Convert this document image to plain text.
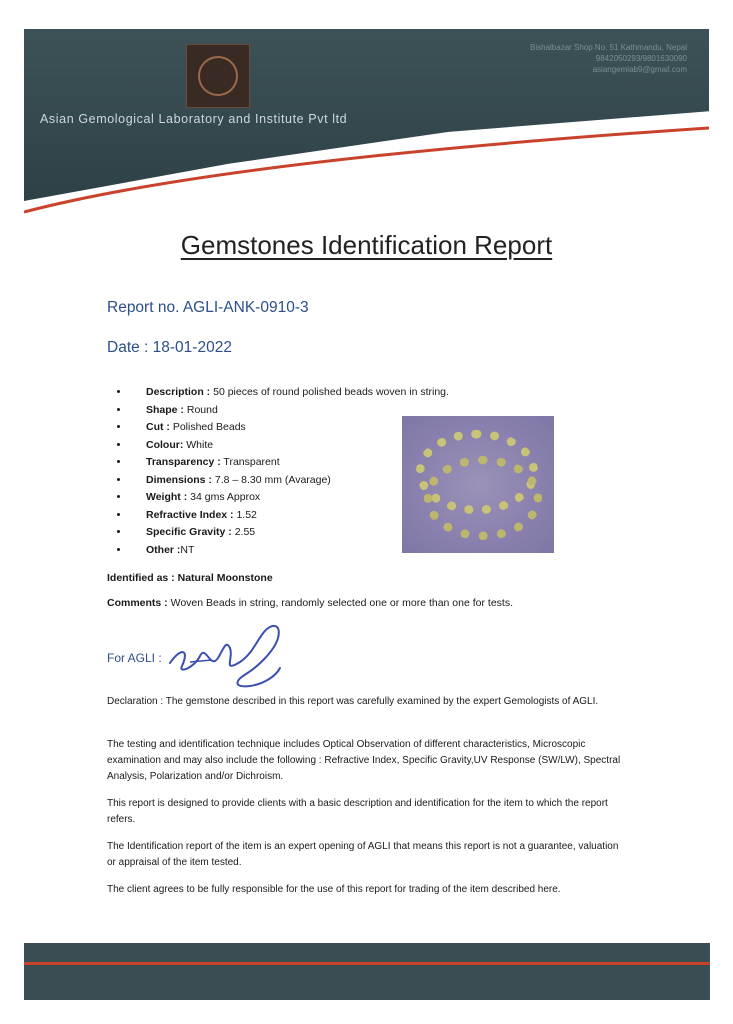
Asian Gemological Laboratory and Institute Pvt ltd
Bishalbazar Shop No. 51 Kathmandu, Nepal
9842050293/9801630090
asiangemlab9@gmail.com
Gemstones Identification Report
Report no. AGLI-ANK-0910-3
Date : 18-01-2022
• Description : 50 pieces of round polished beads woven in string.
• Shape : Round
• Cut : Polished Beads
• Colour: White
• Transparency : Transparent
• Dimensions : 7.8 – 8.30 mm (Avarage)
• Weight : 34 gms Approx
• Refractive Index : 1.52
• Specific Gravity : 2.55
• Other :NT
Identified as : Natural Moonstone
Comments : Woven Beads in string, randomly selected one or more than one for tests.
For AGLI :
Declaration : The gemstone described in this report was carefully examined by the expert Gemologists of AGLI.
The testing and identification technique includes Optical Observation of different characteristics, Microscopic examination and may also include the following : Refractive Index, Specific Gravity,UV Response (SW/LW), Spectral Analysis, Polarization and/or Dichroism.
This report is designed to provide clients with a basic description and identification for the item to which the report refers.
The Identification report of the item is an expert opening of AGLI that means this report is not a guarantee, valuation or appraisal of the item tested.
The client agrees to be fully responsible for the use of this report for trading of the item described here.
